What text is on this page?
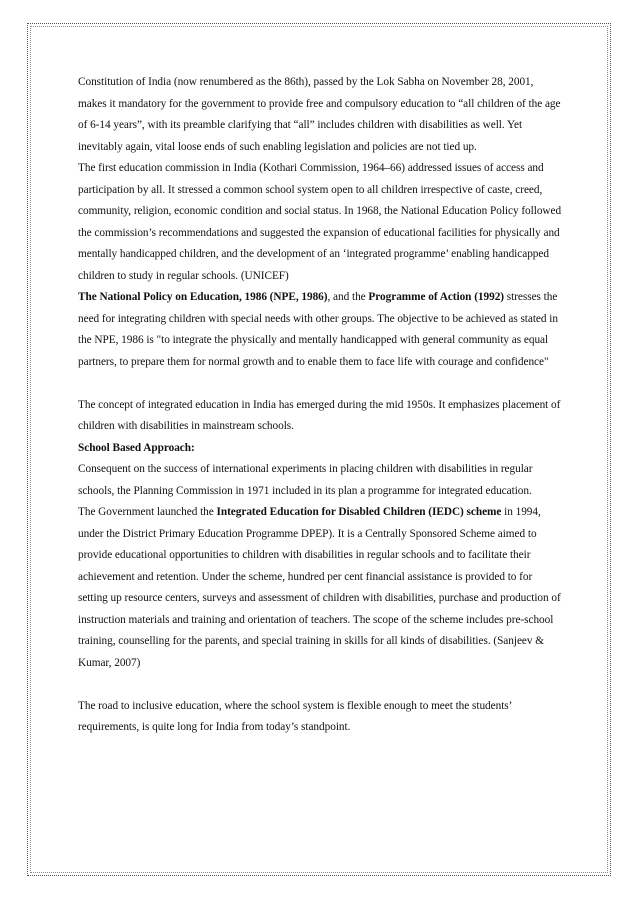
Constitution of India (now renumbered as the 86th), passed by the Lok Sabha on November 28, 2001, makes it mandatory for the government to provide free and compulsory education to “all children of the age of 6-14 years”, with its preamble clarifying that “all” includes children with disabilities as well. Yet inevitably again, vital loose ends of such enabling legislation and policies are not tied up.

The first education commission in India (Kothari Commission, 1964–66) addressed issues of access and participation by all. It stressed a common school system open to all children irrespective of caste, creed, community, religion, economic condition and social status. In 1968, the National Education Policy followed the commission’s recommendations and suggested the expansion of educational facilities for physically and mentally handicapped children, and the development of an ‘integrated programme’ enabling handicapped children to study in regular schools. (UNICEF)

The National Policy on Education, 1986 (NPE, 1986), and the Programme of Action (1992) stresses the need for integrating children with special needs with other groups. The objective to be achieved as stated in the NPE, 1986 is "to integrate the physically and mentally handicapped with general community as equal partners, to prepare them for normal growth and to enable them to face life with courage and confidence"

The concept of integrated education in India has emerged during the mid 1950s. It emphasizes placement of children with disabilities in mainstream schools.

School Based Approach:

Consequent on the success of international experiments in placing children with disabilities in regular schools, the Planning Commission in 1971 included in its plan a programme for integrated education.

The Government launched the Integrated Education for Disabled Children (IEDC) scheme in 1994, under the District Primary Education Programme DPEP). It is a Centrally Sponsored Scheme aimed to provide educational opportunities to children with disabilities in regular schools and to facilitate their achievement and retention. Under the scheme, hundred per cent financial assistance is provided to for setting up resource centers, surveys and assessment of children with disabilities, purchase and production of instruction materials and training and orientation of teachers. The scope of the scheme includes pre-school training, counselling for the parents, and special training in skills for all kinds of disabilities. (Sanjeev & Kumar, 2007)

The road to inclusive education, where the school system is flexible enough to meet the students’ requirements, is quite long for India from today’s standpoint.
